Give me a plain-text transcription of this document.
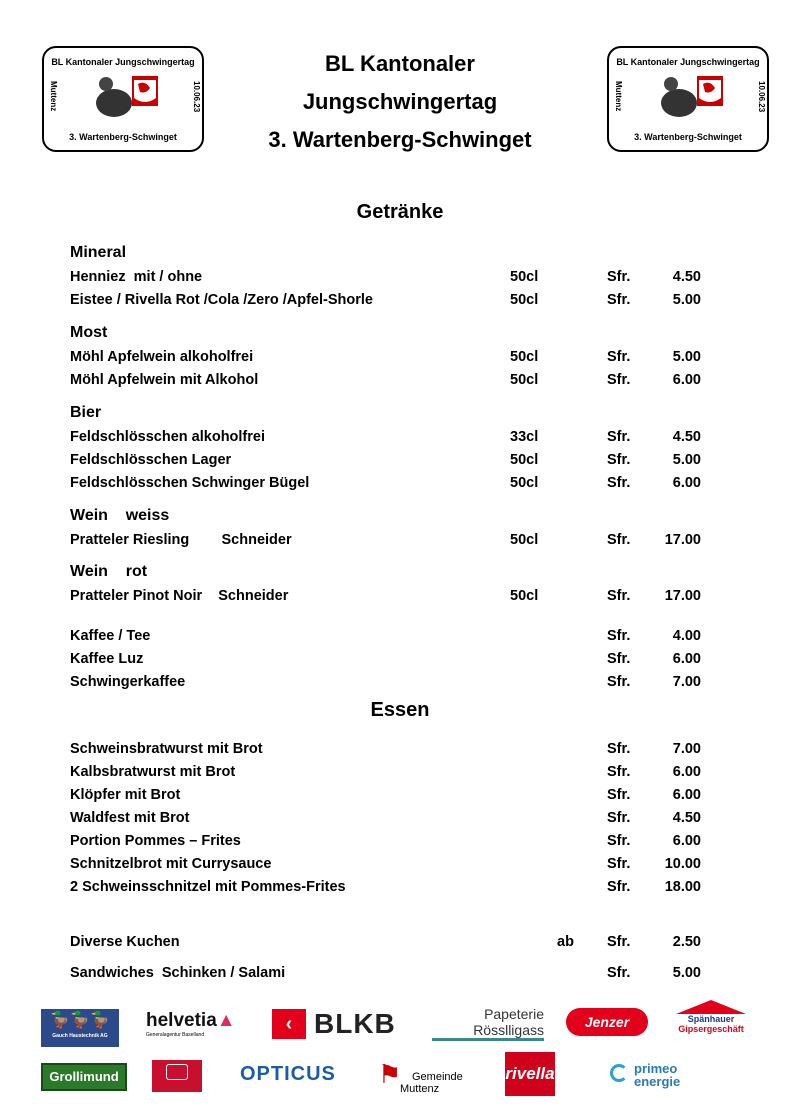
BL Kantonaler Jungschwingertag
Muttenz	10.06.23
3. Wartenberg-Schwinget
BL Kantonaler Jungschwingertag
Muttenz	10.06.23
3. Wartenberg-Schwinget
BL Kantonaler
Jungschwingertag
3. Wartenberg-Schwinget
Getränke
Mineral
Henniez  mit / ohne	50cl	Sfr.	4.50
Eistee / Rivella Rot /Cola /Zero /Apfel-Shorle	50cl	Sfr.	5.00
Most
Möhl Apfelwein alkoholfrei	50cl	Sfr.	5.00
Möhl Apfelwein mit Alkohol	50cl	Sfr.	6.00
Bier
Feldschlösschen alkoholfrei	33cl	Sfr.	4.50
Feldschlösschen Lager	50cl	Sfr.	5.00
Feldschlösschen Schwinger Bügel	50cl	Sfr.	6.00
Wein    weiss
Pratteler Riesling        Schneider	50cl	Sfr. 17.00
Wein    rot
Pratteler Pinot Noir    Schneider	50cl	Sfr. 17.00
Kaffee / Tee	Sfr.	4.00
Kaffee Luz	Sfr.	6.00
Schwingerkaffee	Sfr.	7.00
Essen
Schweinsbratwurst mit Brot	Sfr.	7.00
Kalbsbratwurst mit Brot	Sfr.	6.00
Klöpfer mit Brot	Sfr.	6.00
Waldfest mit Brot	Sfr.	4.50
Portion Pommes – Frites	Sfr.	6.00
Schnitzelbrot mit Currysauce	Sfr. 10.00
2 Schweinsschnitzel mit Pommes-Frites	Sfr. 18.00
Diverse Kuchen	ab Sfr.	2.50
Sandwiches  Schinken / Salami	Sfr.	5.00
🦆🦆🦆
Gauch Haustechnik AG
helvetia▲
Generalagentur Baselland	‹ BLKB	Papeterie
Rösslligass	Jenzer	Spänhauer
Gipsergeschäft
Grollimund	OPTICUS ⚑ Gemeinde
Muttenz
rivella	primeo
energie
